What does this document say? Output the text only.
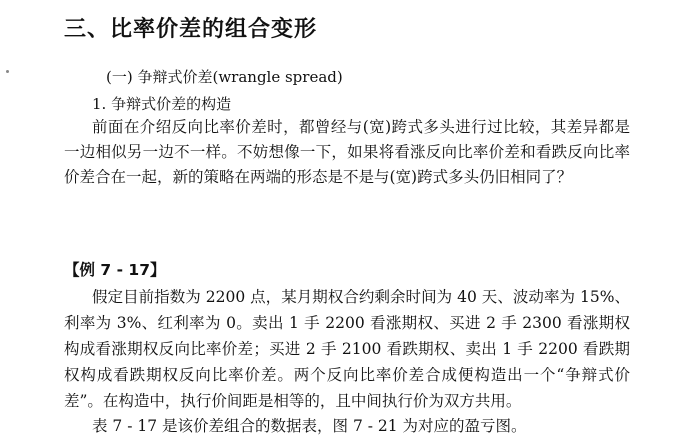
三、比率价差的组合变形
(一) 争辩式价差(wrangle spread)
1. 争辩式价差的构造

前面在介绍反向比率价差时，都曾经与(宽)跨式多头进行过比较，其差异都是一边相似另一边不一样。不妨想像一下，如果将看涨反向比率价差和看跌反向比率价差合在一起，新的策略在两端的形态是不是与(宽)跨式多头仍旧相同了？

【例 7 - 17】

假定目前指数为 2200 点，某月期权合约剩余时间为 40 天、波动率为 15%、利率为 3%、红利率为 0。卖出 1 手 2200 看涨期权、买进 2 手 2300 看涨期权构成看涨期权反向比率价差；买进 2 手 2100 看跌期权、卖出 1 手 2200 看跌期权构成看跌期权反向比率价差。两个反向比率价差合成便构造出一个“争辩式价差”。在构造中，执行价间距是相等的，且中间执行价为双方共用。

表 7 - 17 是该价差组合的数据表，图 7 - 21 为对应的盈亏图。
